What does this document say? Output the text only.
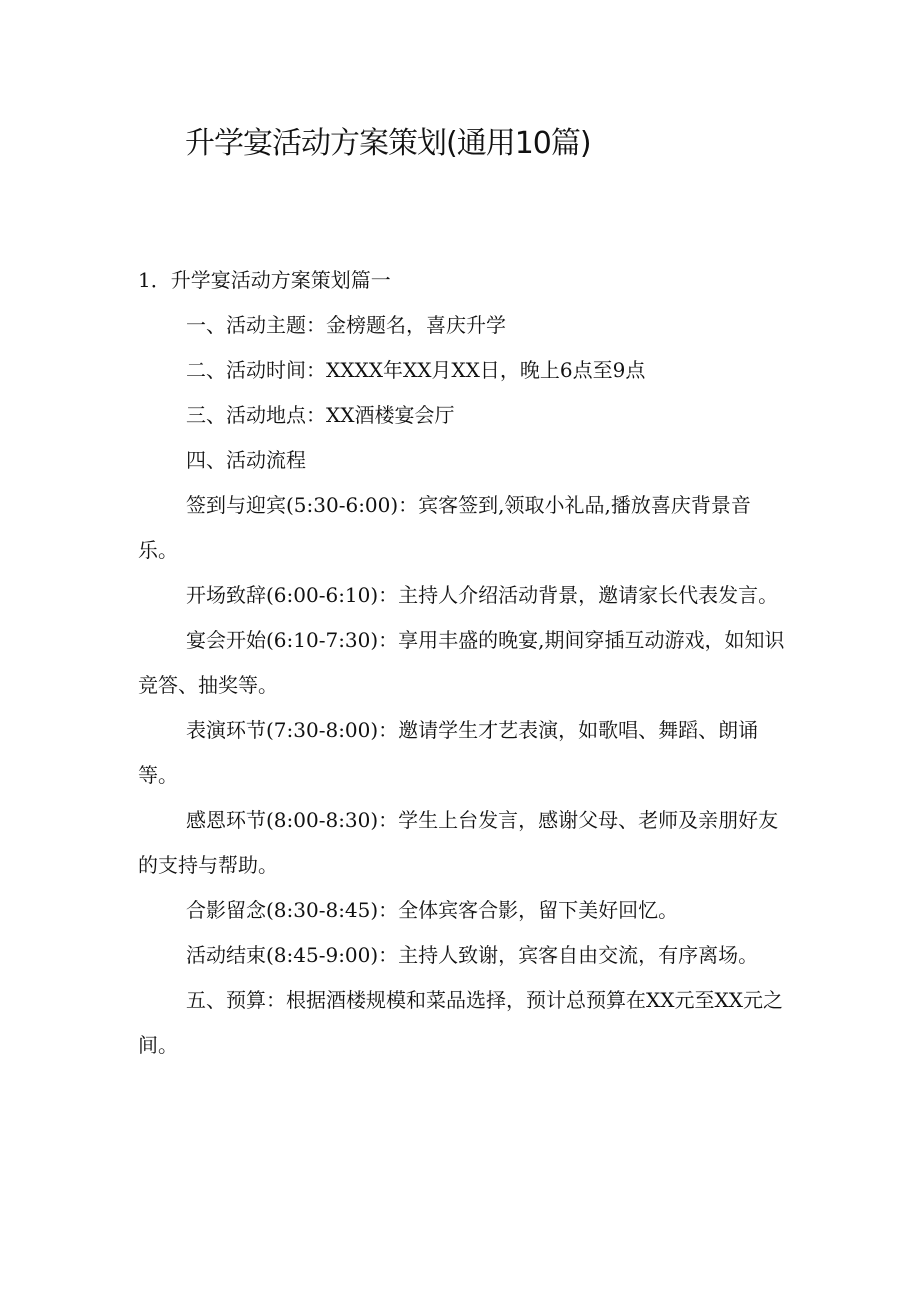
升学宴活动方案策划(通用10篇)
1．升学宴活动方案策划篇一

一、活动主题：金榜题名，喜庆升学

二、活动时间：XXXX年XX月XX日，晚上6点至9点

三、活动地点：XX酒楼宴会厅

四、活动流程

签到与迎宾(5:30-6:00)：宾客签到,领取小礼品,播放喜庆背景音乐。

开场致辞(6:00-6:10)：主持人介绍活动背景，邀请家长代表发言。

宴会开始(6:10-7:30)：享用丰盛的晚宴,期间穿插互动游戏，如知识竞答、抽奖等。

表演环节(7:30-8:00)：邀请学生才艺表演，如歌唱、舞蹈、朗诵等。

感恩环节(8:00-8:30)：学生上台发言，感谢父母、老师及亲朋好友的支持与帮助。

合影留念(8:30-8:45)：全体宾客合影，留下美好回忆。

活动结束(8:45-9:00)：主持人致谢，宾客自由交流，有序离场。

五、预算：根据酒楼规模和菜品选择，预计总预算在XX元至XX元之间。
